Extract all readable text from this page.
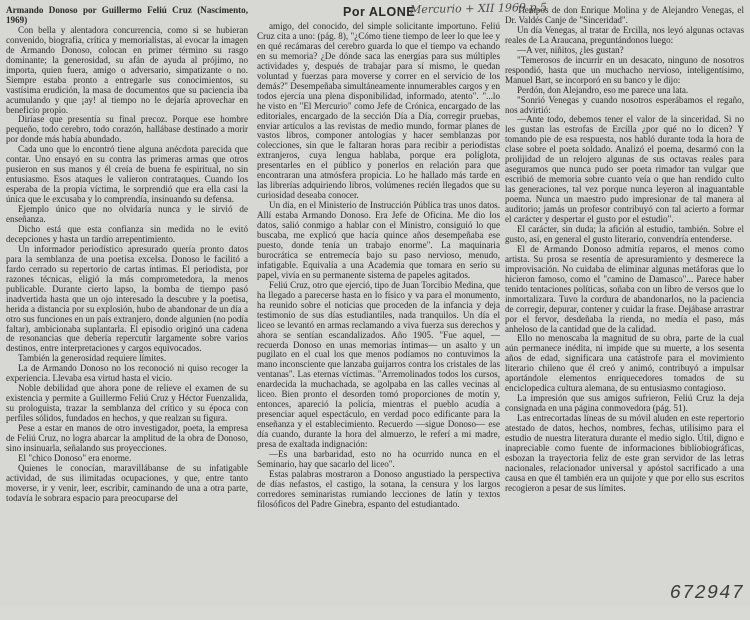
Por ALONE
Mercurio + XII 1969 p.5

Armando Donoso por Guillermo Feliú Cruz (Nascimento, 1969)

Con bella y alentadora concurrencia, como si se hubieran convenido, biografía, crítica y memorialistas, al evocar la imagen de Armando Donoso, colocan en primer término su rasgo dominante; la generosidad, su afán de ayuda al prójimo, no importa, quien fuera, amigo o adversario, simpatizante o no. Siempre estaba pronto a entregarle sus conocimientos, su vastísima erudición, la masa de documentos que su paciencia iba acumulando y que ¡ay! al tiempo no le dejaría aprovechar en beneficio propio.

Diríase que presentía su final precoz. Porque ese hombre pequeño, todo cerebro, todo corazón, hallábase destinado a morir por donde más había abundado.

Cada uno que lo encontró tiene alguna anécdota parecida que contar. Uno ensayó en su contra las primeras armas que otros pusieron en sus manos y él creía de buena fe espiritual, no sin entusiasmo. Esos ataques le valieron contrataques. Cuando los esperaba de la propia víctima, le sorprendió que era ella casi la única que le excusaba y lo comprendía, insinuando su defensa.

Ejemplo único que no olvidaría nunca y le sirvió de enseñanza.

Dicho está que esta confianza sin medida no le evitó decepciones y hasta un tardío arrepentimiento.

Un informador periodístico apresurado quería pronto datos para la semblanza de una poetisa excelsa. Donoso le facilitó a fardo cerrado su repertorio de cartas íntimas. El periodista, por razones técnicas, eligió la más comprometedora, la menos publicable. Durante cierto lapso, la bomba de tiempo pasó inadvertida hasta que un ojo interesado la descubre y la poetisa, herida a distancia por su explosión, hubo de abandonar de un día a otro sus funciones en un país extranjero, donde algunien (no podía faltar), ambicionaba suplantarla. El episodio originó una cadena de resonancias que debería repercutir largamente sobre varios destinos, entre interpretaciones y cargos equivocados.

También la generosidad requiere límites.

La de Armando Donoso no los reconoció ni quiso recoger la experiencia. Llevaba esa virtud hasta el vicio.

Noble debilidad que ahora pone de relieve el examen de su existencia y permite a Guillermo Feliú Cruz y Héctor Fuenzalida, su prologuista, trazar la semblanza del crítico y su época con perfiles sólidos, fundados en hechos, y que realzan su figura.

Pese a estar en manos de otro investigador, poeta, la empresa de Feliú Cruz, no logra abarcar la amplitud de la obra de Donoso, sino insinuarla, señalando sus proyecciones.

El "chico Donoso" era enorme.

Quienes le conocían, maravillábanse de su infatigable actividad, de sus ilimitadas ocupaciones, y que, entre tanto moverse, ir y venir, leer, escribir, caminando de una a otra parte, todavía le sobrara espacio para preocuparse del

amigo, del conocido, del simple solicitante importuno. Feliú Cruz cita a uno: (pág. 8), "¿Cómo tiene tiempo de leer lo que lee y en qué recámaras del cerebro guarda lo que el tiempo va echando en su memoria? ¿De dónde saca las energías para sus múltiples actividades y, después de trabajar para sí mismo, le quedan voluntad y fuerzas para moverse y correr en el servicio de los demás?" Desempeñaba simultáneamente innumerables cargos y en todos ejercía una plena disponibilidad, informado, atento". "...lo he visto en "El Mercurio" como Jefe de Crónica, encargado de las editoriales, encargado de la sección Día a Día, corregir pruebas, enviar artículos a las revistas de medio mundo, formar planes de vastos libros, componer antologías y hacer semblanzas por colecciones, sin que le faltaran horas para recibir a periodistas extranjeros, cuya lengua hablaba, porque era políglota, presentarles en el público y ponerlos en relación para que encontraran una atmósfera propicia. Lo he hallado más tarde en las librerías adquiriendo libros, volúmenes recién llegados que su curiosidad deseaba conocer.

Un día, en el Ministerio de Instrucción Pública tras unos datos. Allí estaba Armando Donoso. Era Jefe de Oficina. Me dio los datos, salió conmigo a hablar con el Ministro, consiguió lo que buscaba, me explicó que hacía quince años desempeñaba ese puesto, donde tenía un trabajo enorme". La maquinaria burocrática se entremecía bajo su paso nervioso, menudo, infatigable. Equivalía a una Academia que tomara en serio su papel, vivía en su permanente sistema de papeles agitados.

Feliú Cruz, otro que ejerció, tipo de Juan Torcibio Medina, que ha llegado a parecerse hasta en lo físico y va para el monumento, ha reunido sobre el noticias que proceden de la infancia y deja testimonio de sus días estudiantiles, nada tranquilos. Un día el liceo se levantó en armas reclamando a viva fuerza sus derechos y ahora se sentían escandalizados. Año 1905. "Fue aquel, —recuerda Donoso en unas memorias íntimas— un asalto y un pugilato en el cual los que menos podíamos no contuvimos la mano inconsciente que lanzaba guijarros contra los cristales de las ventanas". Las eternas víctimas. "Arremolinados todos los cursos, enardecida la muchachada, se agolpaba en las calles vecinas al liceo. Bien pronto el desorden tomó proporciones de motín y, entonces, apareció la policía, mientras el pueblo acudía a presenciar aquel espectáculo, en verdad poco edificante para la enseñanza y el establecimiento. Recuerdo —sigue Donoso— ese día cuando, durante la hora del almuerzo, le referí a mi madre, presa de exaltada indignación:

—Es una barbaridad, esto no ha ocurrido nunca en el Seminario, hay que sacarlo del liceo".

Estas palabras mostraron a Donoso angustiado la perspectiva de días nefastos, el castigo, la sotana, la censura y los largos corredores seminaristas rumiando lecciones de latín y textos filosóficos del Padre Ginebra, espanto del estudiantado.

Tiempos de don Enrique Molina y de Alejandro Venegas, el Dr. Valdés Canje de "Sinceridad".

Un día Venegas, al tratar de Ercilla, nos leyó algunas octavas reales de La Araucana, preguntándonos luego:

—A ver, niñitos, ¿les gustan?

"Temerosos de incurrir en un desacato, ninguno de nosotros respondió, hasta que un muchacho nervioso, inteligentísimo, Manuel Bart, se incorporó en su banco y le dijo:

Perdón, don Alejandro, eso me parece una lata.

"Sonrió Venegas y cuando nosotros esperábamos el regaño, nos advirtió:

—Ante todo, debemos tener el valor de la sinceridad. Si no les gustan las estrofas de Ercilla ¿por qué no lo dicen? Y tomando pie de esa respuesta, nos habló durante toda la hora de clase sobre el poeta soldado. Analizó el poema, desarmó con la prolijidad de un relojero algunas de sus octavas reales para aseguramos que nunca pudo ser poeta rimador tan vulgar que escribió de memoria sobre cuanto veía o que han rendido culto las generaciones, tal vez porque nunca leyeron al inaguantable poema. Nunca un maestro pudo impresionar de tal manera al auditorio; jamás un profesor contribuyó con tal acierto a formar el carácter y despertar el gusto por el estudio".

El carácter, sin duda; la afición al estudio, también. Sobre el gusto, así, en general el gusto literario, convendría entenderse.

El de Armando Donoso admitía reparos, el menos como artista. Su prosa se resentía de apresuramiento y desmerece la improvisación. No cuidaba de eliminar algunas metáforas que lo hicieron famoso, como el "camino de Damasco"... Parece haber tenido tentaciones políticas, soñaba con un libro de versos que lo inmortalizara. Tuvo la cordura de abandonarlos, no la paciencia de corregir, depurar, contener y cuidar la frase. Dejábase arrastrar por el fervor, desdeñaba la rienda, no medía el paso, más anheloso de la cantidad que de la calidad.

Ello no menoscaba la magnitud de su obra, parte de la cual aún permanece inédita, ni impide que su muerte, a los sesenta años de edad, significara una catástrofe para el movimiento literario chileno que él creó y animó, contribuyó a impulsar aportándole elementos enriquecedores tomados de su enciclopedica cultura alemana, de su entusiasmo contagioso.

La impresión que sus amigos sufrieron, Feliú Cruz la deja consignada en una página conmovedora (pág. 51).

Las entrecortadas líneas de su móvil aluden en este repertorio atestado de datos, hechos, nombres, fechas, utilísimo para el estudio de nuestra literatura durante el medio siglo. Útil, digno e inapreciable como fuente de informaciones bibliobiográficas, esbozan la trayectoria feliz de este gran servidor de las letras nacionales, relacionador universal y apóstol sacrificado a una causa en que él también era un quijote y que por ello sus escritos recogieron a pesar de sus límites.

672947
